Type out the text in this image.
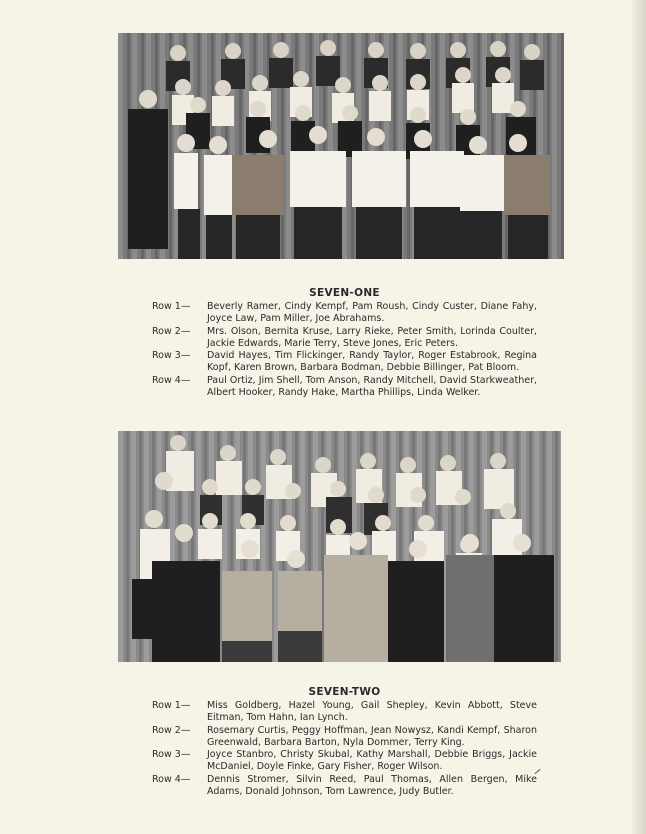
SEVEN-ONE
Row 1—	Beverly Ramer, Cindy Kempf, Pam Roush, Cindy Custer, Diane Fahy, Joyce Law, Pam Miller, Joe Abrahams.
Row 2—	Mrs. Olson, Bernita Kruse, Larry Rieke, Peter Smith, Lorinda Coulter, Jackie Edwards, Marie Terry, Steve Jones, Eric Peters.
Row 3—	David Hayes, Tim Flickinger, Randy Taylor, Roger Estabrook, Regina Kopf, Karen Brown, Barbara Bodman, Debbie Billinger, Pat Bloom.
Row 4—	Paul Ortiz, Jim Shell, Tom Anson, Randy Mitchell, David Starkweather, Albert Hooker, Randy Hake, Martha Phillips, Linda Welker.
SEVEN-TWO
Row 1—	Miss Goldberg, Hazel Young, Gail Shepley, Kevin Abbott, Steve Eitman, Tom Hahn, Ian Lynch.
Row 2—	Rosemary Curtis, Peggy Hoffman, Jean Nowysz, Kandi Kempf, Sharon Greenwald, Barbara Barton, Nyla Dommer, Terry King.
Row 3—	Joyce Stanbro, Christy Skubal, Kathy Marshall, Debbie Briggs, Jackie McDaniel, Doyle Finke, Gary Fisher, Roger Wilson.
Row 4—	Dennis Stromer, Silvin Reed, Paul Thomas, Allen Bergen, Mike Adams, Donald Johnson, Tom Lawrence, Judy Butler.
